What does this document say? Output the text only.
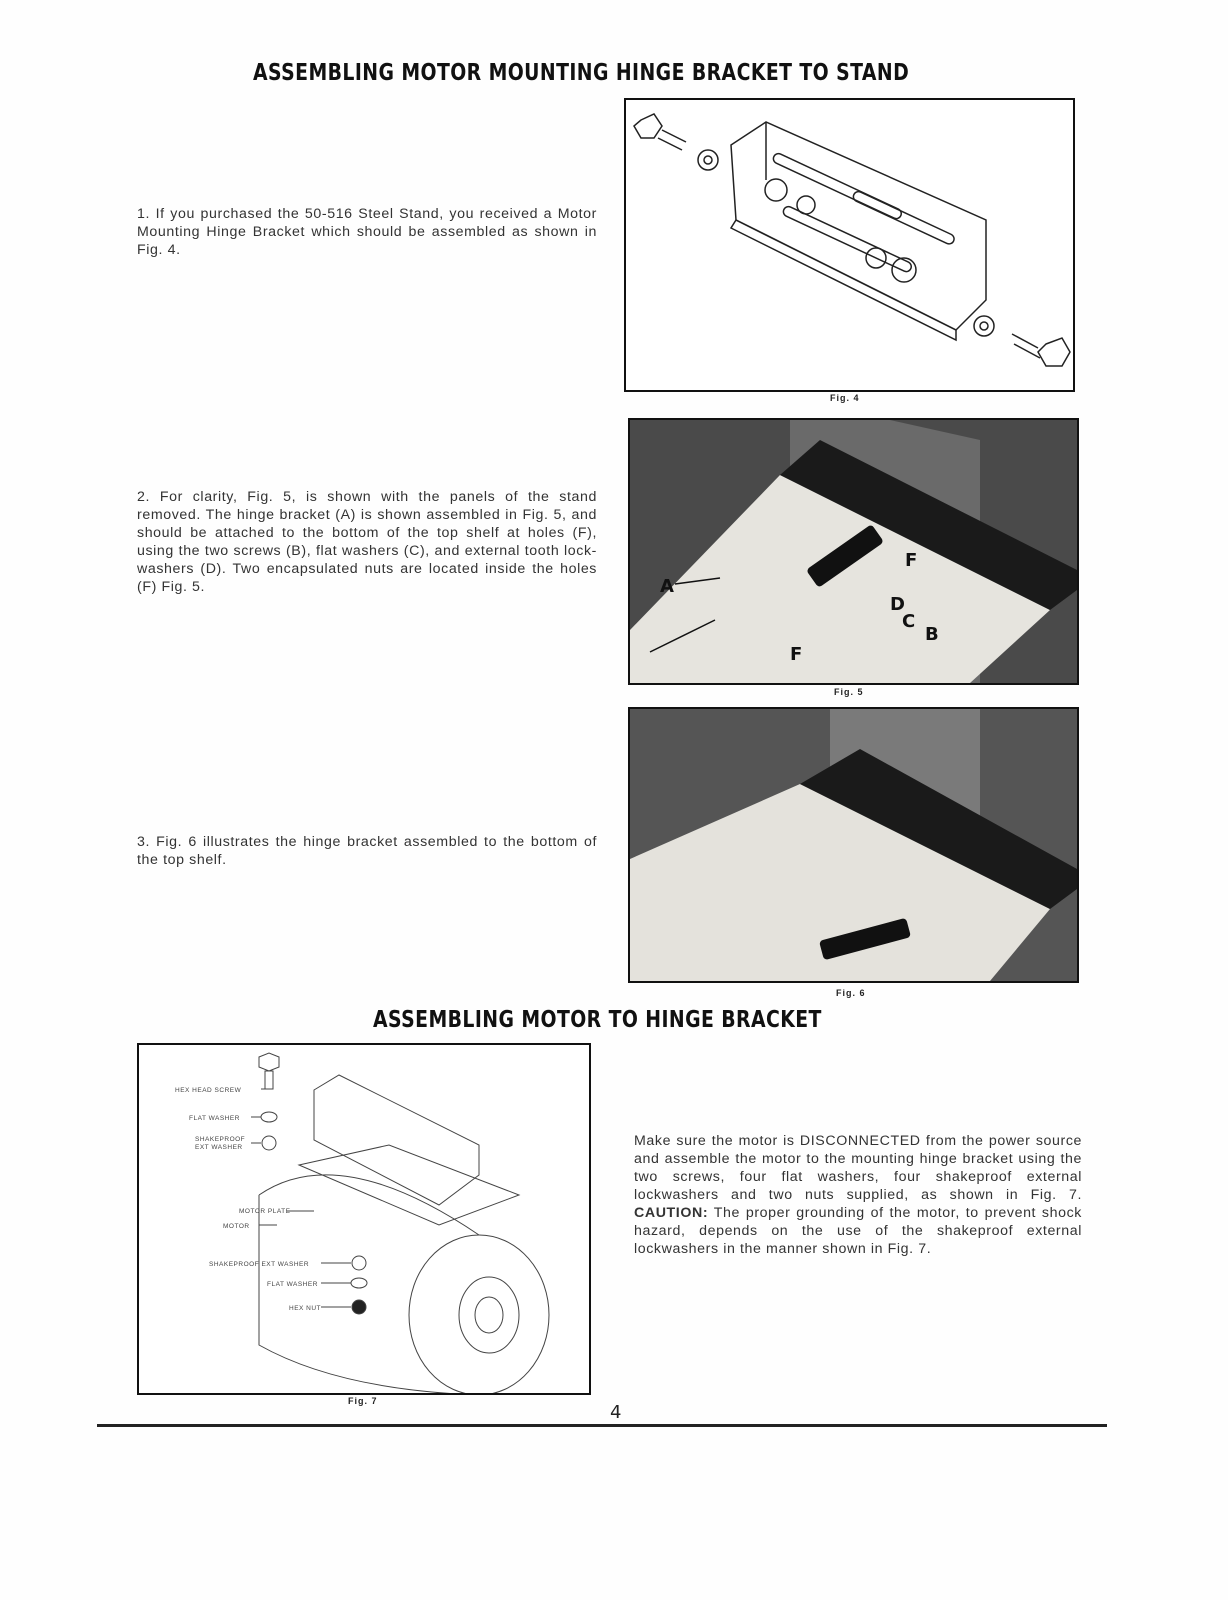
ASSEMBLING MOTOR MOUNTING HINGE BRACKET TO STAND
1. If you purchased the 50-516 Steel Stand, you received a Motor Mounting Hinge Bracket which should be assembled as shown in Fig. 4.
2. For clarity, Fig. 5, is shown with the panels of the stand removed. The hinge bracket (A) is shown assembled in Fig. 5, and should be attached to the bottom of the top shelf at holes (F), using the two screws (B), flat washers (C), and external tooth lock-washers (D). Two encapsulated nuts are located inside the holes (F) Fig. 5.
3. Fig. 6 illustrates the hinge bracket assembled to the bottom of the top shelf.
Fig. 4
A
F
D
C
B
F
Fig. 5
Fig. 6
ASSEMBLING MOTOR TO HINGE BRACKET
HEX HEAD SCREW
FLAT WASHER
SHAKEPROOF
EXT WASHER
MOTOR PLATE
MOTOR
SHAKEPROOF EXT WASHER
FLAT WASHER
HEX NUT
Fig. 7
Make sure the motor is DISCONNECTED from the power source and assemble the motor to the mounting hinge bracket using the two screws, four flat washers, four shakeproof external lockwashers and two nuts supplied, as shown in Fig. 7. CAUTION: The proper grounding of the motor, to prevent shock hazard, depends on the use of the shakeproof external lockwashers in the manner shown in Fig. 7.
4
